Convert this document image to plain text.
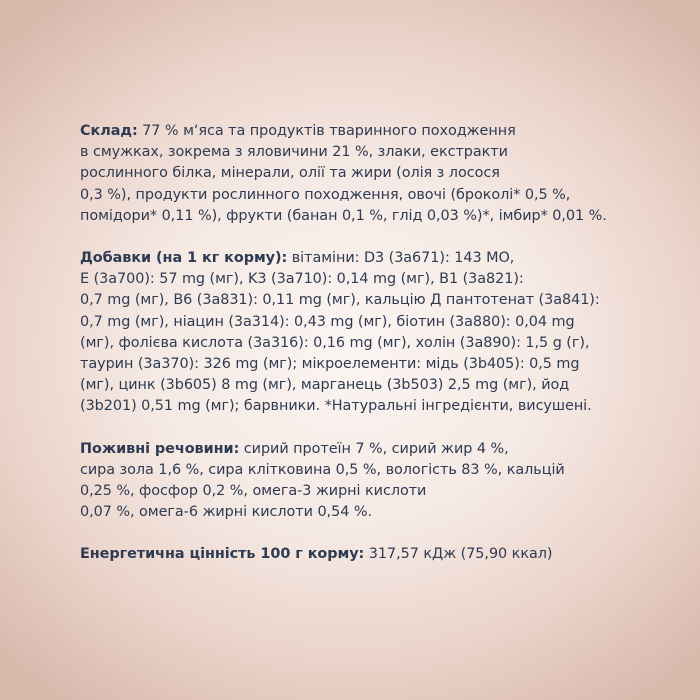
Склад: 77 % м‘яса та продуктів тваринного походження
в смужках, зокрема з яловичини 21 %, злаки, екстракти
рослинного білка, мінерали, олії та жири (олія з лосося
0,3 %), продукти рослинного походження, овочі (броколі* 0,5 %,
помідори* 0,11 %), фрукти (банан 0,1 %, глід 0,03 %)*, імбир* 0,01 %.
Добавки (на 1 кг корму): вітаміни: D3 (3а671): 143 МО,
E (3a700): 57 mg (мг), K3 (3a710): 0,14 mg (мг), B1 (3a821):
0,7 mg (мг), B6 (3a831): 0,11 mg (мг), кальцію Д пантотенат (3a841):
0,7 mg (мг), ніацин (3a314): 0,43 mg (мг), біотин (3a880): 0,04 mg
(мг), фолієва кислота (3a316): 0,16 mg (мг), холін (3a890): 1,5 g (г),
таурин (3a370): 326 mg (мг); мікроелементи: мідь (3b405): 0,5 mg
(мг), цинк (3b605) 8 mg (мг), марганець (3b503) 2,5 mg (мг), йод
(3b201) 0,51 mg (мг); барвники. *Натуральні інгредієнти, висушені.
Поживні речовини: сирий протеїн 7 %, сирий жир 4 %,
сира зола 1,6 %, сира клітковина 0,5 %, вологість 83 %, кальцій
0,25 %, фосфор 0,2 %, омега-3 жирні кислоти
0,07 %, омега-6 жирні кислоти 0,54 %.
Енергетична цінність 100 г корму: 317,57 кДж (75,90 ккал)
